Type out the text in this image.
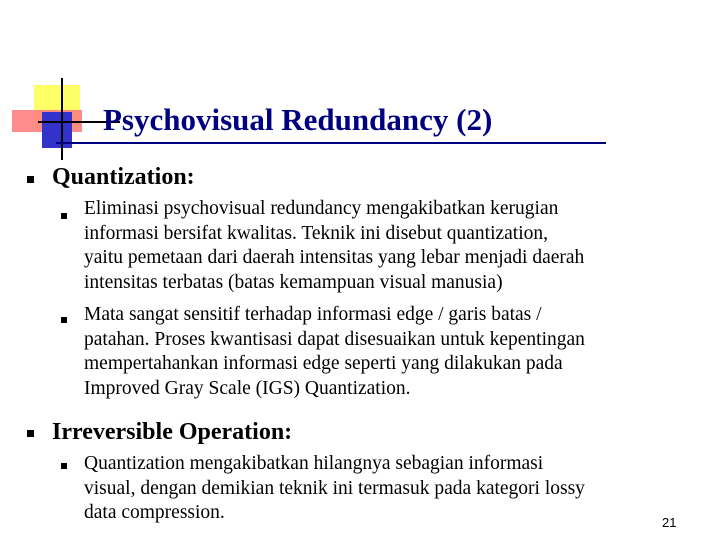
Psychovisual Redundancy (2)
Quantization:

Eliminasi psychovisual redundancy mengakibatkan kerugian
informasi bersifat kwalitas. Teknik ini disebut quantization,
yaitu pemetaan dari daerah intensitas yang lebar menjadi daerah
intensitas terbatas (batas kemampuan visual manusia)

Mata sangat sensitif terhadap informasi edge / garis batas /
patahan. Proses kwantisasi dapat disesuaikan untuk kepentingan
mempertahankan informasi edge seperti yang dilakukan pada
Improved Gray Scale (IGS) Quantization.

Irreversible Operation:

Quantization mengakibatkan hilangnya sebagian informasi
visual, dengan demikian teknik ini termasuk pada kategori lossy
data compression.	21
